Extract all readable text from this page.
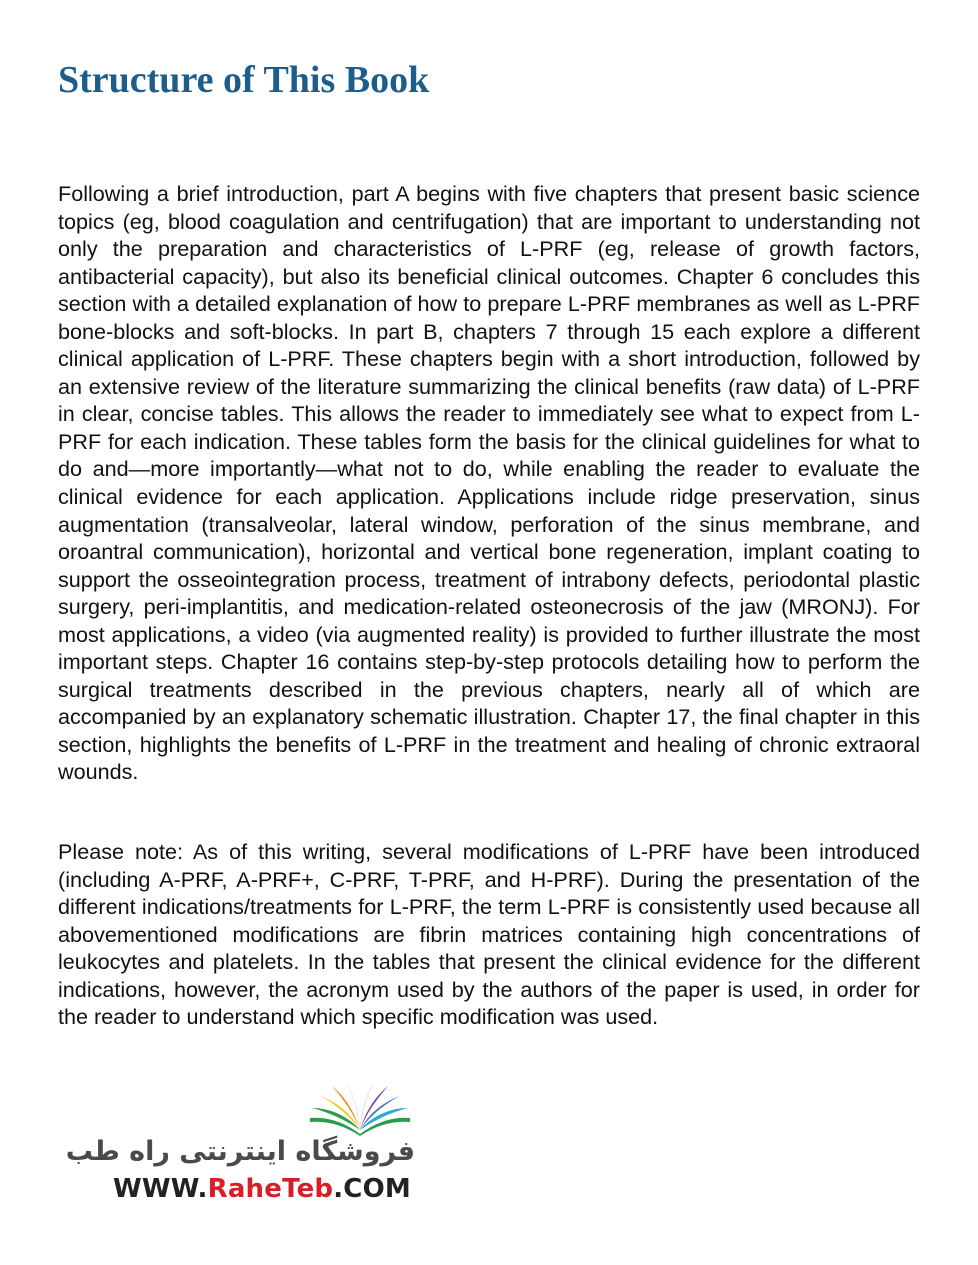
Structure of This Book

Following a brief introduction, part A begins with five chapters that present basic science topics (eg, blood coagulation and centrifugation) that are important to understanding not only the preparation and characteristics of L-PRF (eg, release of growth factors, antibacterial capacity), but also its beneficial clinical outcomes. Chapter 6 concludes this section with a detailed explanation of how to prepare L-PRF membranes as well as L-PRF bone-blocks and soft-blocks. In part B, chapters 7 through 15 each explore a different clinical application of L-PRF. These chapters begin with a short introduction, followed by an extensive review of the literature summarizing the clinical benefits (raw data) of L-PRF in clear, concise tables. This allows the reader to immediately see what to expect from L-PRF for each indication. These tables form the basis for the clinical guidelines for what to do and—more importantly—what not to do, while enabling the reader to evaluate the clinical evidence for each application. Applications include ridge preservation, sinus augmentation (transalveolar, lateral window, perforation of the sinus membrane, and oroantral communication), horizontal and vertical bone regeneration, implant coating to support the osseointegration process, treatment of intrabony defects, periodontal plastic surgery, peri-implantitis, and medication-related osteonecrosis of the jaw (MRONJ). For most applications, a video (via augmented reality) is provided to further illustrate the most important steps. Chapter 16 contains step-by-step protocols detailing how to perform the surgical treatments described in the previous chapters, nearly all of which are accompanied by an explanatory schematic illustration. Chapter 17, the final chapter in this section, highlights the benefits of L-PRF in the treatment and healing of chronic extraoral wounds.

Please note: As of this writing, several modifications of L-PRF have been introduced (including A-PRF, A-PRF+, C-PRF, T-PRF, and H-PRF). During the presentation of the different indications/treatments for L-PRF, the term L-PRF is consistently used because all abovementioned modifications are fibrin matrices containing high concentrations of leukocytes and platelets. In the tables that present the clinical evidence for the different indications, however, the acronym used by the authors of the paper is used, in order for the reader to understand which specific modification was used.

فروشگاه اینترنتی راه طب
WWW.RaheTeb.COM
